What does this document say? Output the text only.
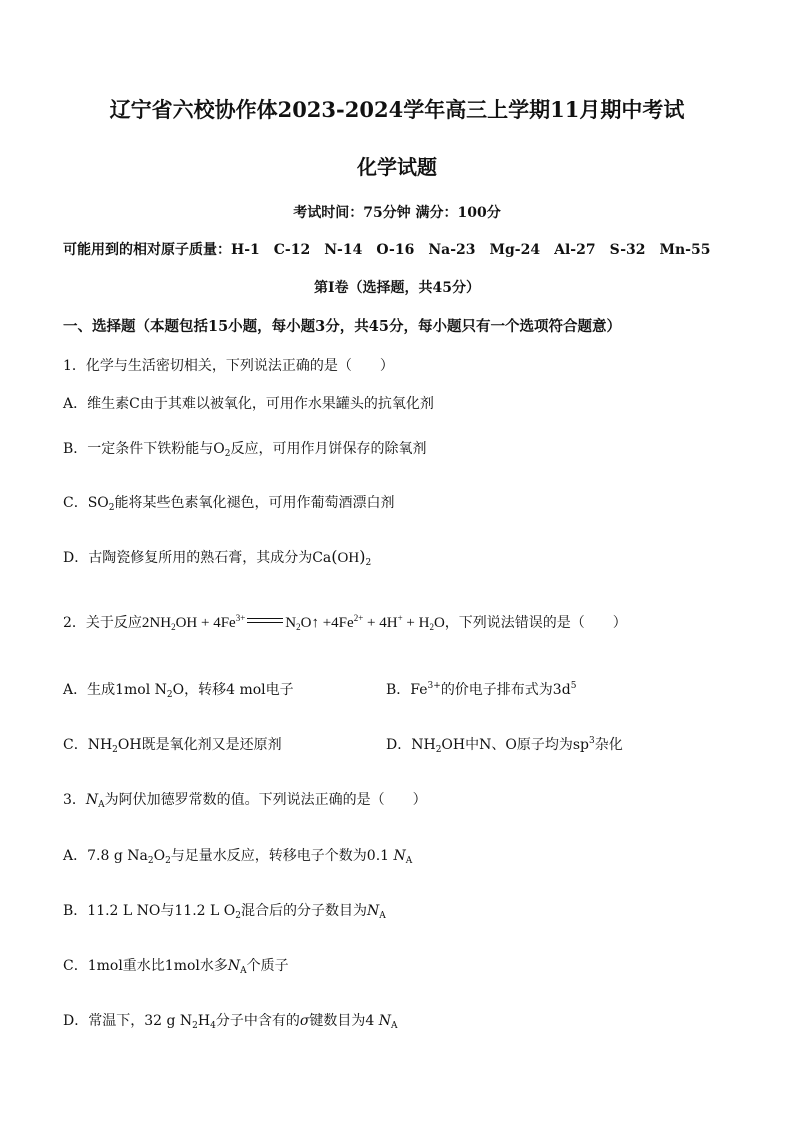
辽宁省六校协作体2023-2024学年高三上学期11月期中考试
化学试题
考试时间：75分钟 满分：100分
可能用到的相对原子质量：H-1 C-12 N-14 O-16 Na-23 Mg-24 Al-27 S-32 Mn-55
第Ⅰ卷（选择题，共45分）
一、选择题（本题包括15小题，每小题3分，共45分，每小题只有一个选项符合题意）
1．化学与生活密切相关，下列说法正确的是（　　）
A．维生素C由于其难以被氧化，可用作水果罐头的抗氧化剂
B．一定条件下铁粉能与$O_2$反应，可用作月饼保存的除氧剂
C．$SO_2$能将某些色素氧化褪色，可用作葡萄酒漂白剂
D．古陶瓷修复所用的熟石膏，其成分为$Ca(OH)_2$
2．关于反应$2NH_2OH + 4Fe^{3+}$	$N_2O↑ +4Fe^{2+} + 4H^+ + H_2O$，下列说法错误的是（　　）
A．生成1mol $N_2O$，转移4 mol电子	B．$Fe^{3+}$的价电子排布式为$3d^5$
C．$NH_2OH$既是氧化剂又是还原剂	D．$NH_2OH$中N、O原子均为$sp^3$杂化
3．$N_A$为阿伏加德罗常数的值。下列说法正确的是（　　）
A．7.8 g $Na_2O_2$与足量水反应，转移电子个数为0.1 $N_A$
B．11.2 L NO与11.2 L $O_2$混合后的分子数目为$N_A$
C．1mol重水比1mol水多$N_A$个质子
D．常温下，32 g $N_2H_4$分子中含有的σ键数目为4 $N_A$
